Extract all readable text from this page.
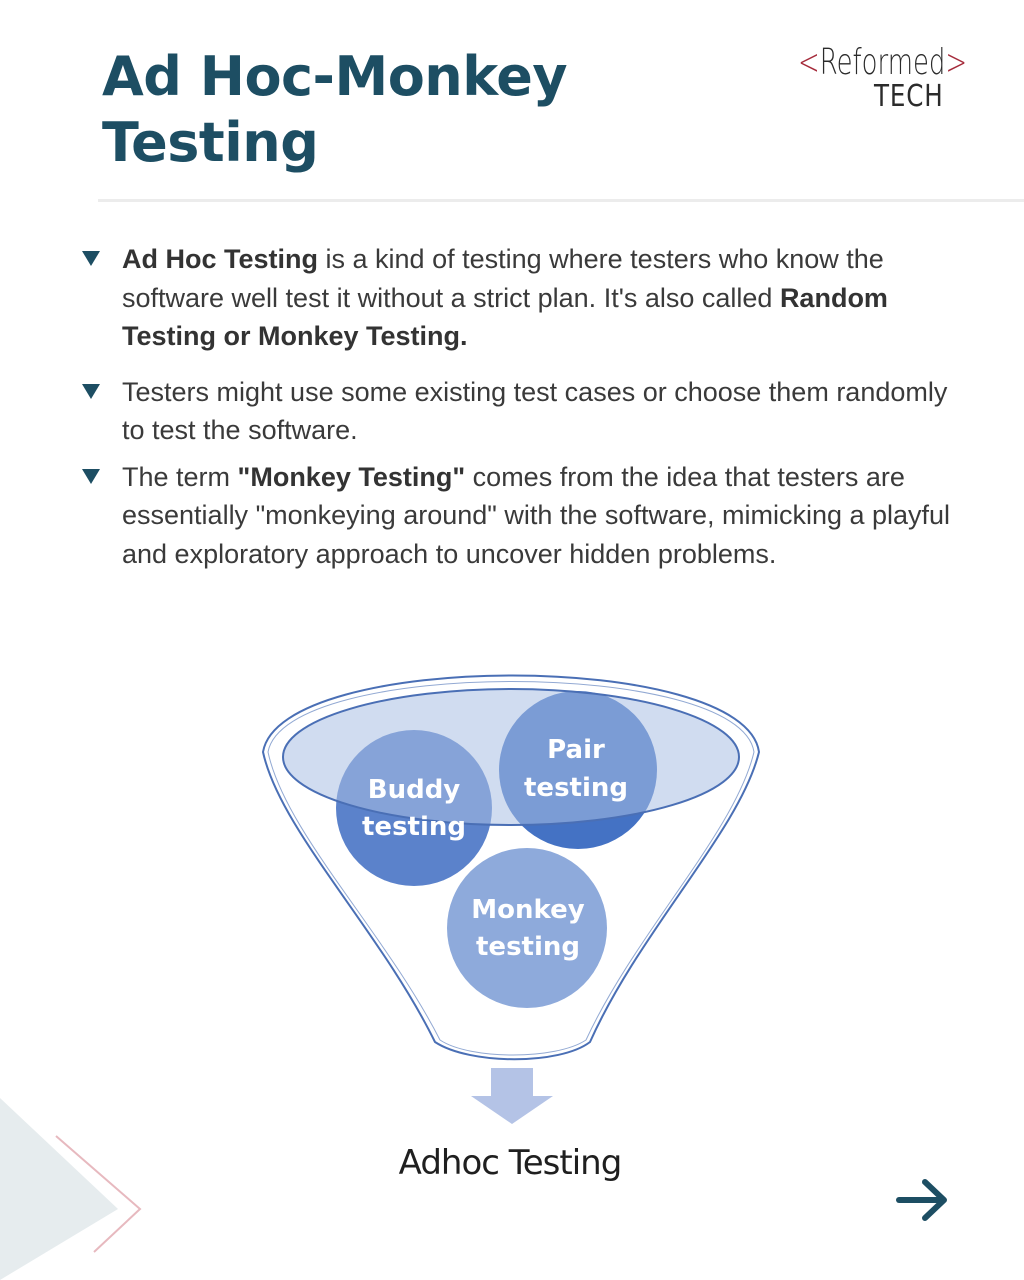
Ad Hoc-Monkey
Testing
<Reformed>
TECH
Ad Hoc Testing is a kind of testing where testers who know the software well test it without a strict plan. It's also called Random Testing or Monkey Testing.
Testers might use some existing test cases or choose them randomly to test the software.
The term "Monkey Testing" comes from the idea that testers are essentially "monkeying around" with the software, mimicking a playful and exploratory approach to uncover hidden problems.
Buddy
testing
Pair
testing
Monkey
testing
Adhoc Testing
